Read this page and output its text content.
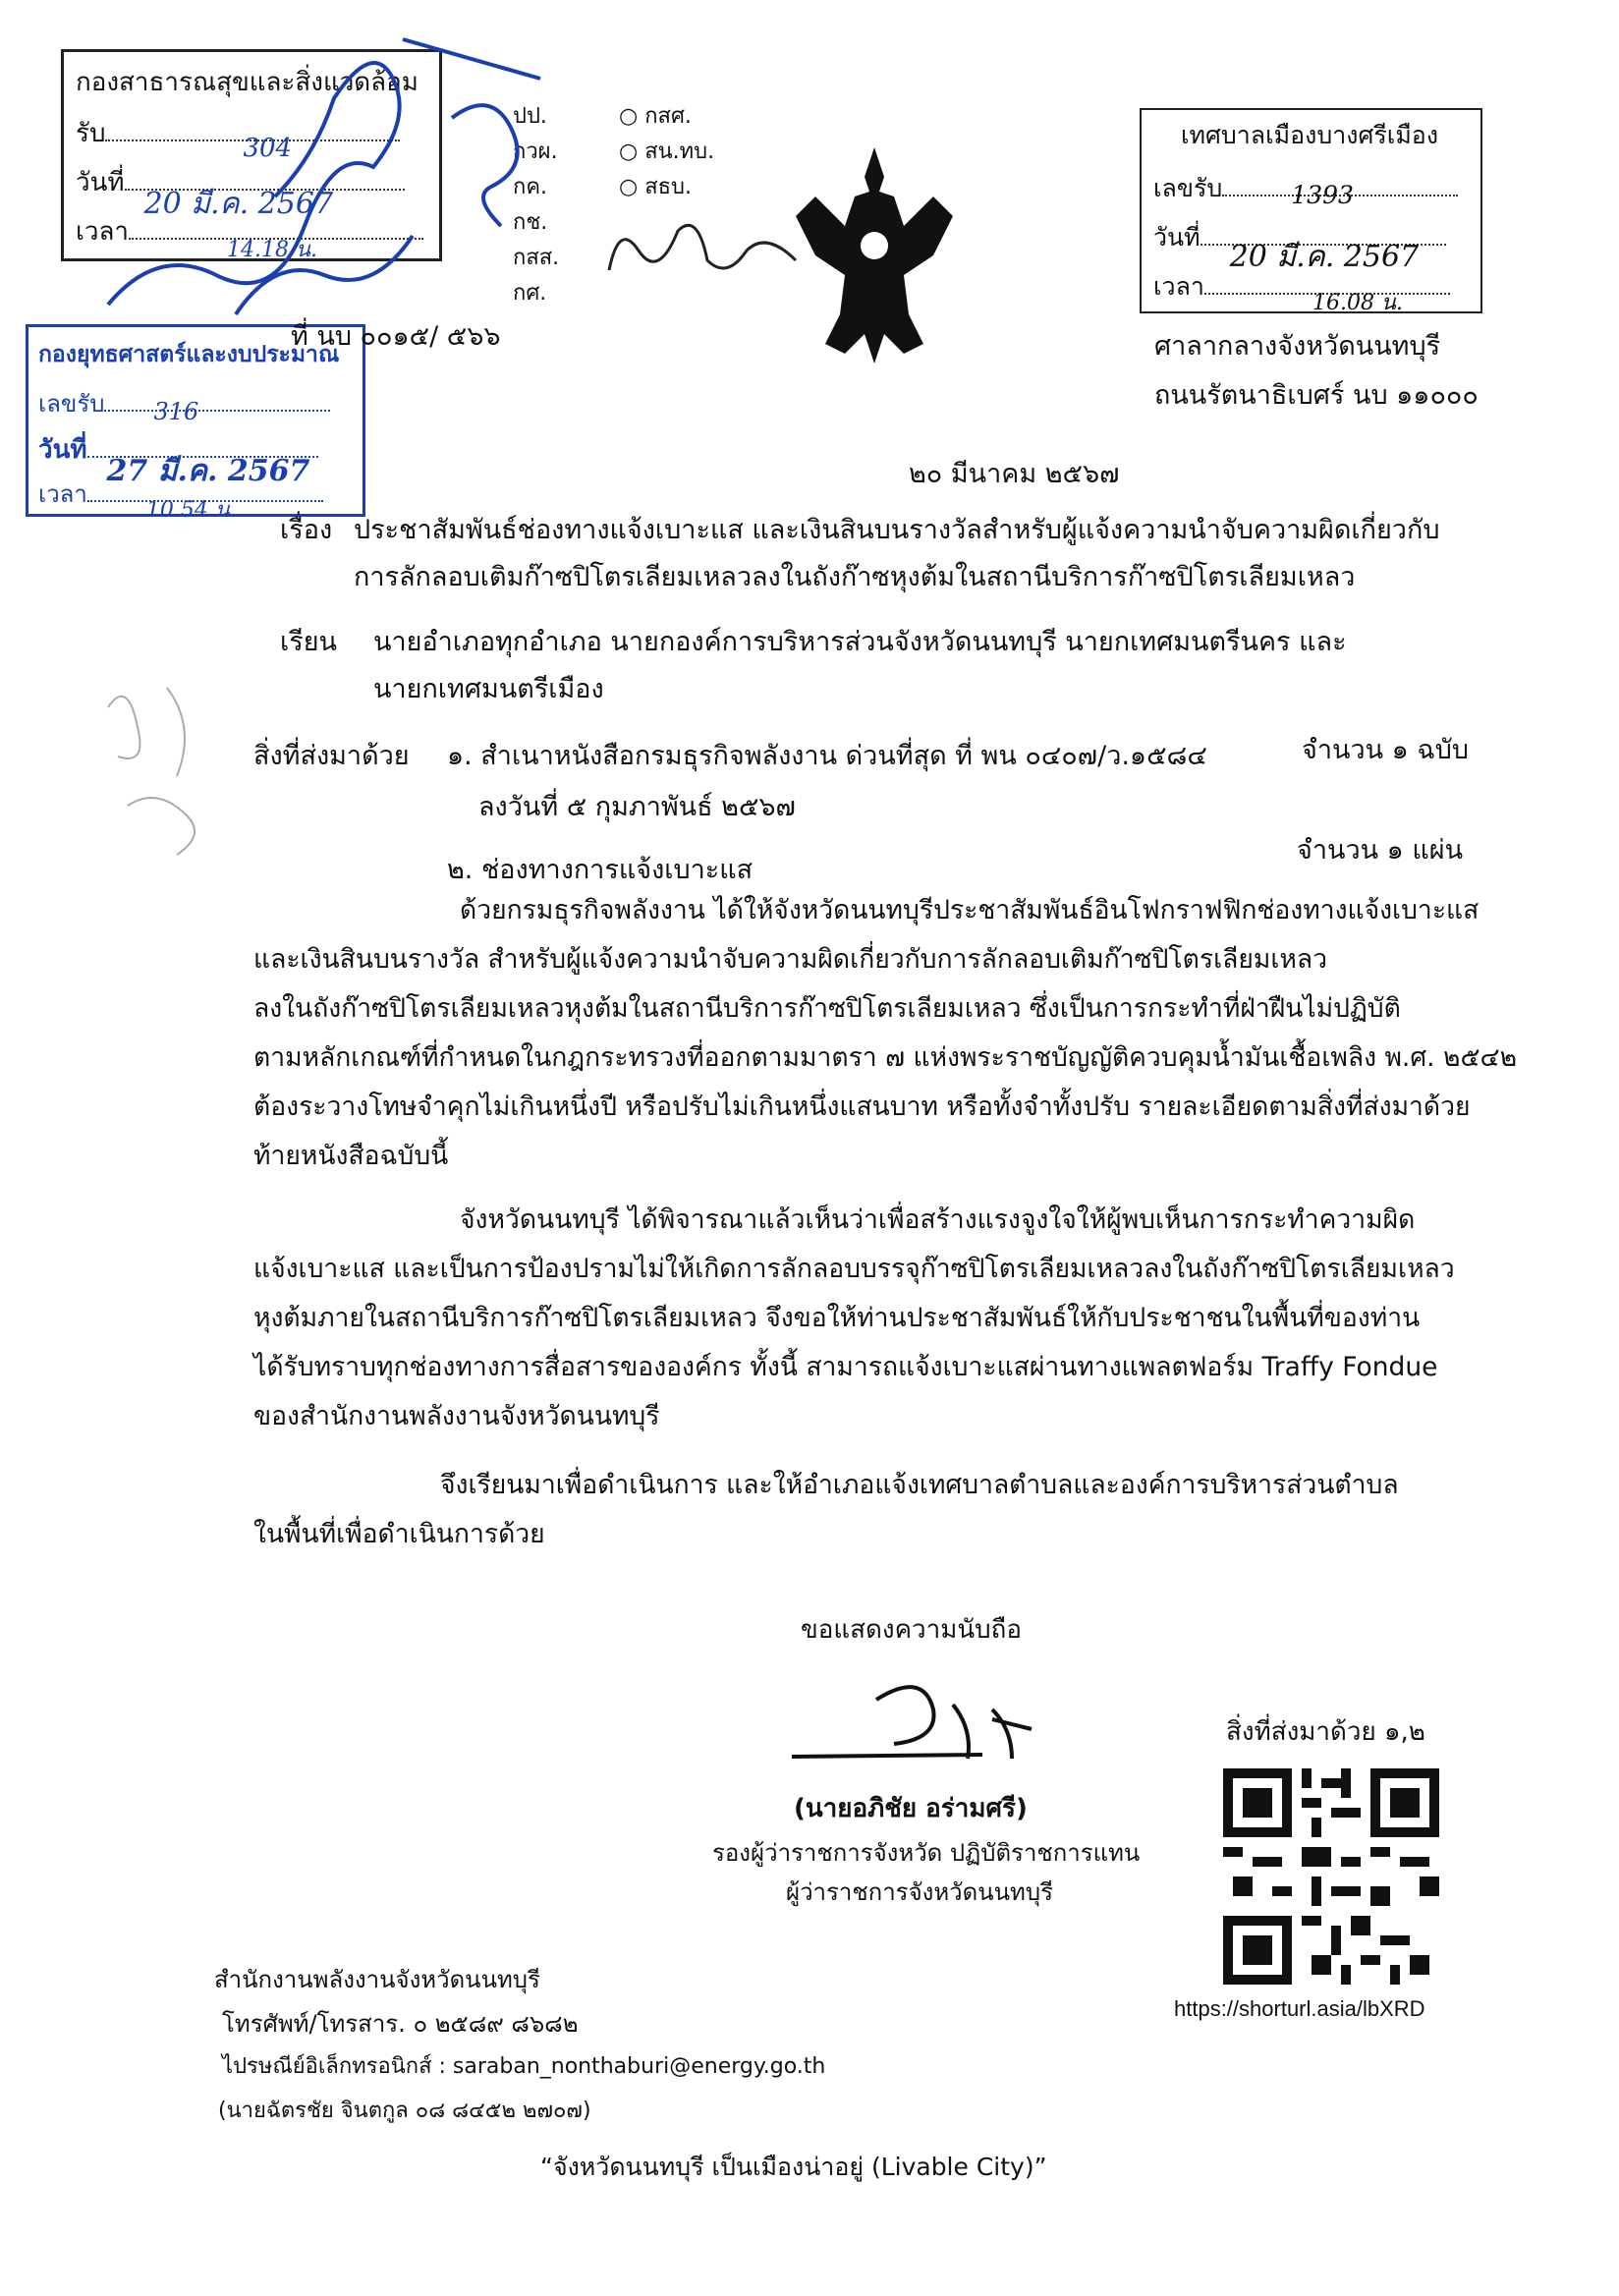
กองสาธารณสุขและสิ่งแวดล้อม
รับ	304
วันที่
20 มี.ค. 2567
เวลา
14.18 น.
กองยุทธศาสตร์และงบประมาณ
เลขรับ 316
วันที่
27 มี.ค. 2567
เวลา
10.54 น.
ปป.
กวผ.
กค.
กช.
กสส.
กศ.
○ กสศ.
○ สน.ทบ.
○ สธบ.
เทศบาลเมืองบางศรีเมือง
เลขรับ	1393
วันที่
20 มี.ค. 2567
เวลา
16.08 น.
ที่ นบ ๐๐๑๕/ ๕๖๖	ศาลากลางจังหวัดนนทบุรี
ถนนรัตนาธิเบศร์ นบ ๑๑๐๐๐
๒๐ มีนาคม ๒๕๖๗
เรื่อง ประชาสัมพันธ์ช่องทางแจ้งเบาะแส และเงินสินบนรางวัลสำหรับผู้แจ้งความนำจับความผิดเกี่ยวกับ
การลักลอบเติมก๊าซปิโตรเลียมเหลวลงในถังก๊าซหุงต้มในสถานีบริการก๊าซปิโตรเลียมเหลว
เรียน นายอำเภอทุกอำเภอ นายกองค์การบริหารส่วนจังหวัดนนทบุรี นายกเทศมนตรีนคร และ
นายกเทศมนตรีเมือง
สิ่งที่ส่งมาด้วย ๑. สำเนาหนังสือกรมธุรกิจพลังงาน ด่วนที่สุด ที่ พน ๐๔๐๗/ว.๑๕๘๔	จำนวน ๑ ฉบับ
ลงวันที่ ๕ กุมภาพันธ์ ๒๕๖๗
จำนวน ๑ แผ่น
๒. ช่องทางการแจ้งเบาะแส
ด้วยกรมธุรกิจพลังงาน ได้ให้จังหวัดนนทบุรีประชาสัมพันธ์อินโฟกราฟฟิกช่องทางแจ้งเบาะแส
และเงินสินบนรางวัล สำหรับผู้แจ้งความนำจับความผิดเกี่ยวกับการลักลอบเติมก๊าซปิโตรเลียมเหลว
ลงในถังก๊าซปิโตรเลียมเหลวหุงต้มในสถานีบริการก๊าซปิโตรเลียมเหลว ซึ่งเป็นการกระทำที่ฝ่าฝืนไม่ปฏิบัติ
ตามหลักเกณฑ์ที่กำหนดในกฎกระทรวงที่ออกตามมาตรา ๗ แห่งพระราชบัญญัติควบคุมน้ำมันเชื้อเพลิง พ.ศ. ๒๕๔๒
ต้องระวางโทษจำคุกไม่เกินหนึ่งปี หรือปรับไม่เกินหนึ่งแสนบาท หรือทั้งจำทั้งปรับ รายละเอียดตามสิ่งที่ส่งมาด้วย
ท้ายหนังสือฉบับนี้
จังหวัดนนทบุรี ได้พิจารณาแล้วเห็นว่าเพื่อสร้างแรงจูงใจให้ผู้พบเห็นการกระทำความผิด
แจ้งเบาะแส และเป็นการป้องปรามไม่ให้เกิดการลักลอบบรรจุก๊าซปิโตรเลียมเหลวลงในถังก๊าซปิโตรเลียมเหลว
หุงต้มภายในสถานีบริการก๊าซปิโตรเลียมเหลว จึงขอให้ท่านประชาสัมพันธ์ให้กับประชาชนในพื้นที่ของท่าน
ได้รับทราบทุกช่องทางการสื่อสารขององค์กร ทั้งนี้ สามารถแจ้งเบาะแสผ่านทางแพลตฟอร์ม Traffy Fondue
ของสำนักงานพลังงานจังหวัดนนทบุรี
จึงเรียนมาเพื่อดำเนินการ และให้อำเภอแจ้งเทศบาลตำบลและองค์การบริหารส่วนตำบล
ในพื้นที่เพื่อดำเนินการด้วย
ขอแสดงความนับถือ
(นายอภิชัย อร่ามศรี)
รองผู้ว่าราชการจังหวัด ปฏิบัติราชการแทน
ผู้ว่าราชการจังหวัดนนทบุรี
สิ่งที่ส่งมาด้วย ๑,๒
https://shorturl.asia/lbXRD
สำนักงานพลังงานจังหวัดนนทบุรี
โทรศัพท์/โทรสาร. ๐ ๒๕๘๙ ๘๖๘๒
ไปรษณีย์อิเล็กทรอนิกส์ : saraban_nonthaburi@energy.go.th
(นายฉัตรชัย จินตกูล ๐๘ ๘๔๕๒ ๒๗๐๗)
“จังหวัดนนทบุรี เป็นเมืองน่าอยู่ (Livable City)”
